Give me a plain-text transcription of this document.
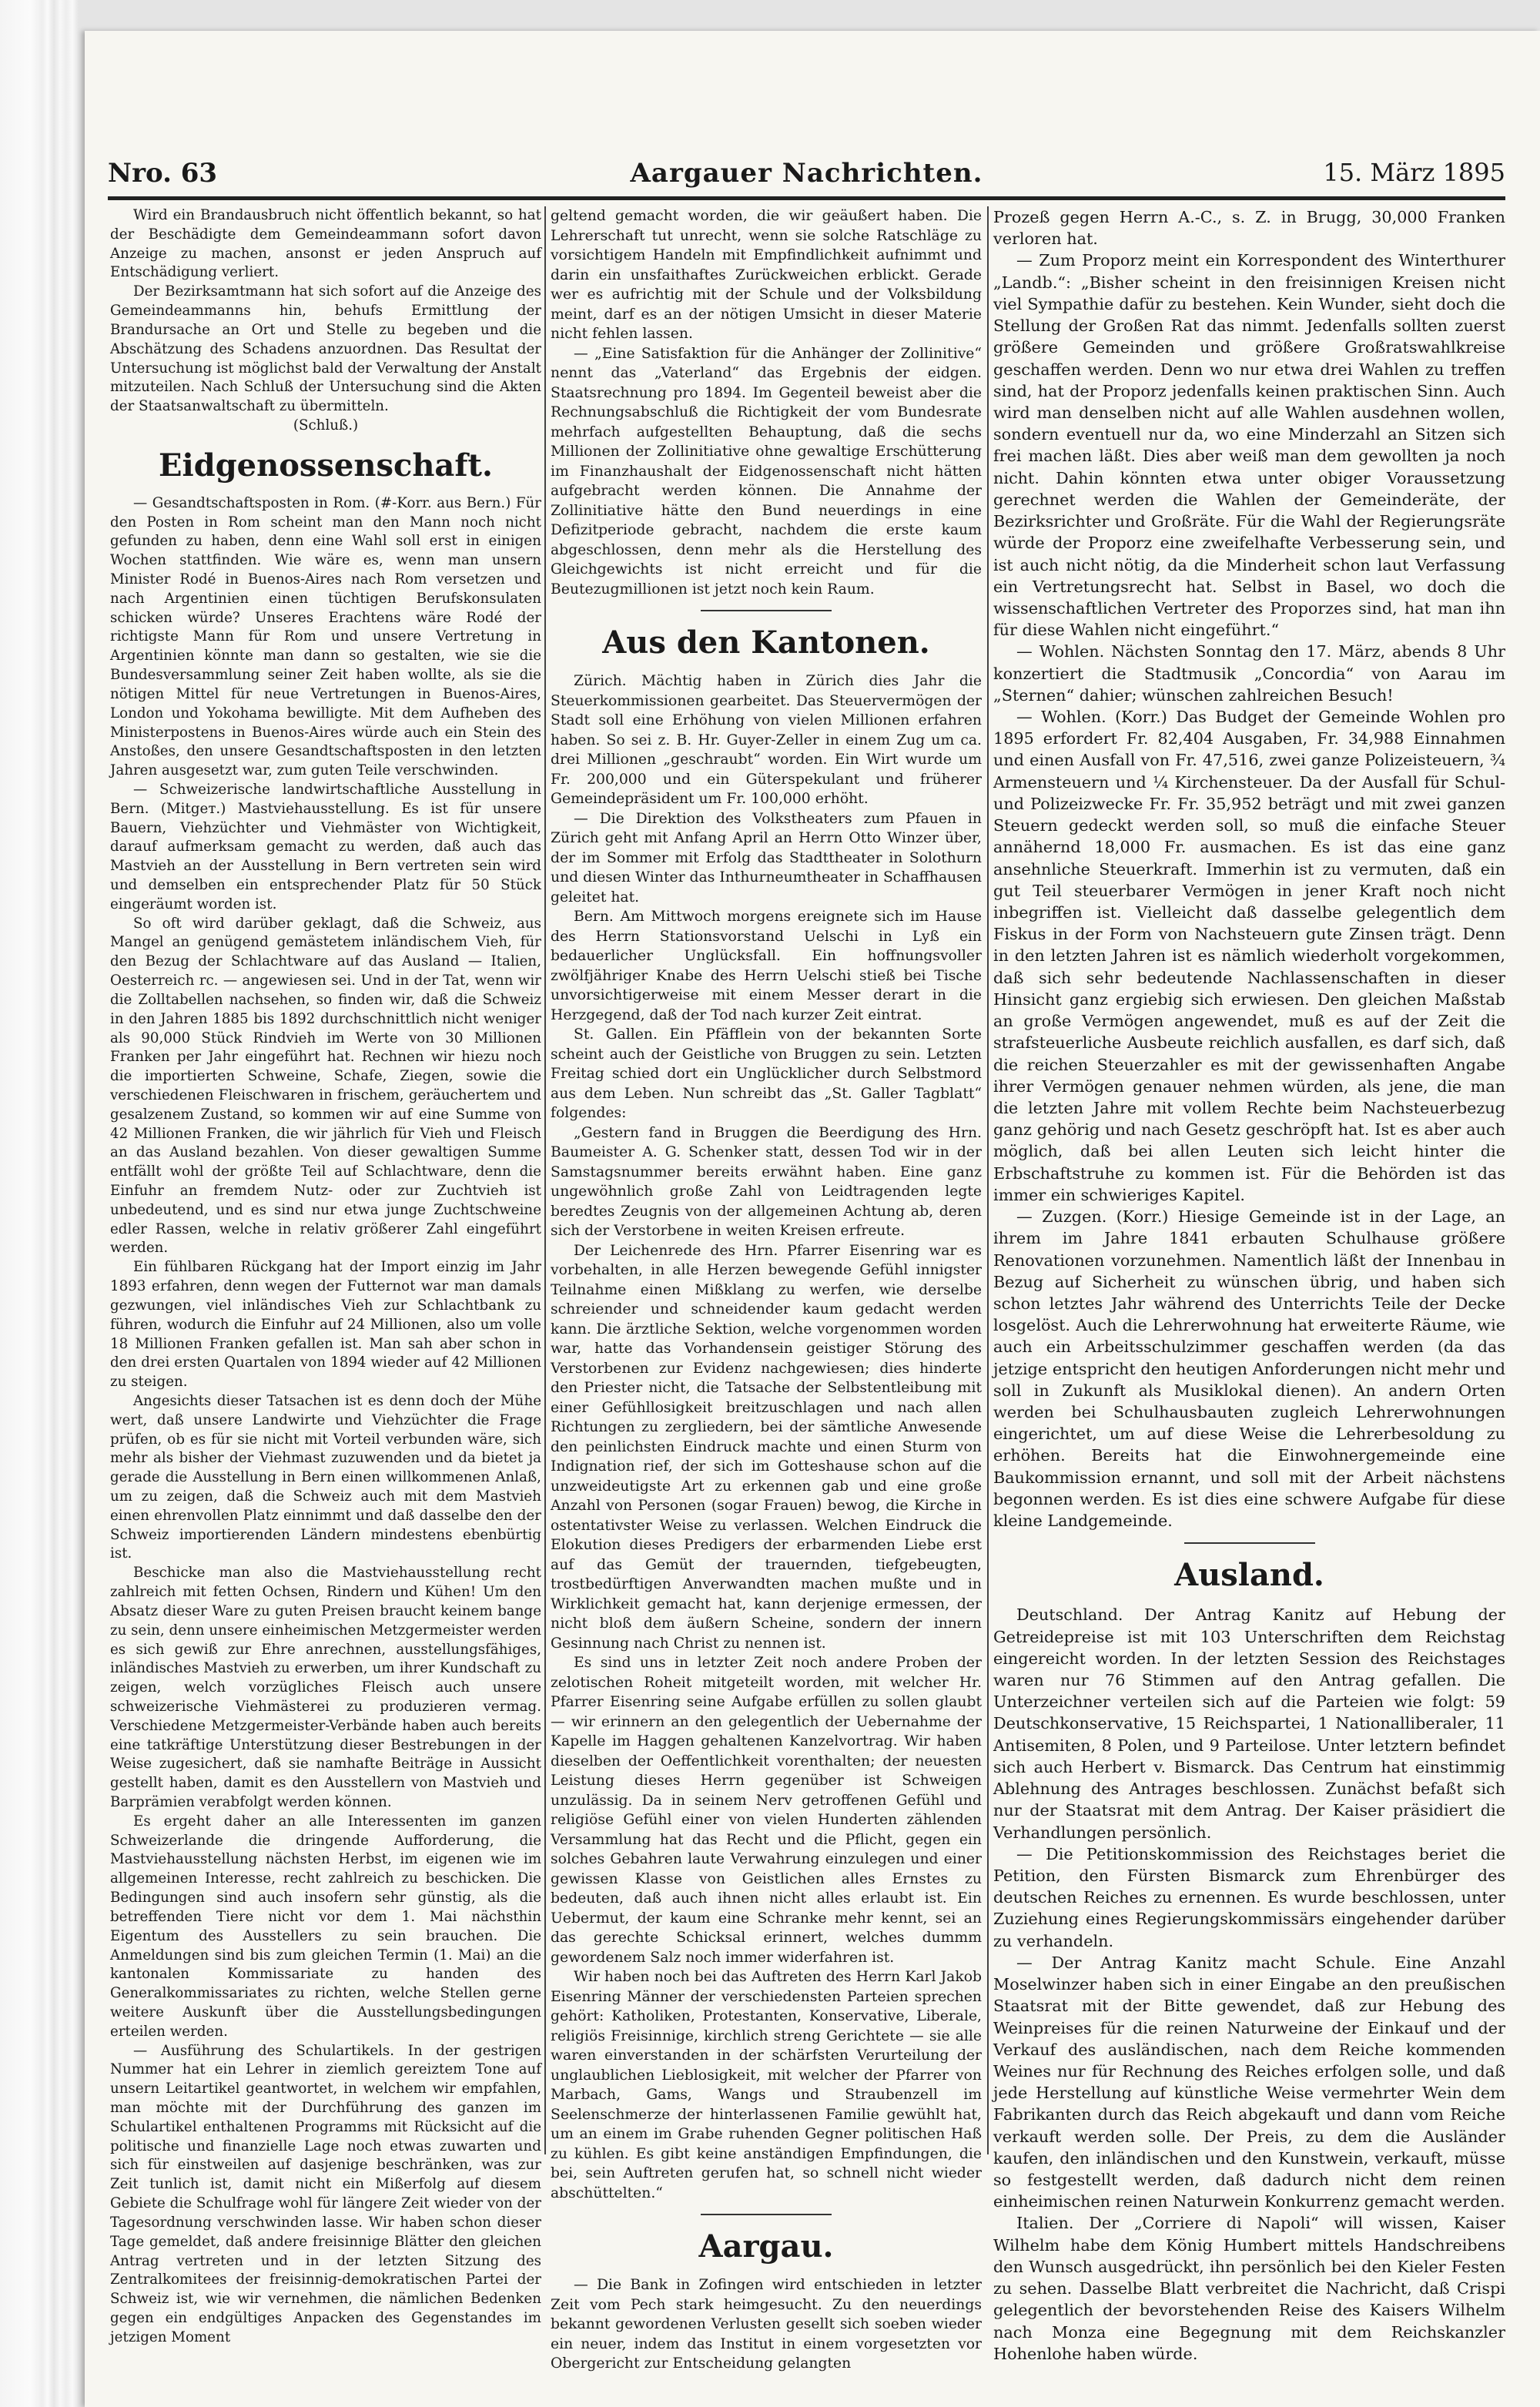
Nro. 63	Aargauer Nachrichten.	15. März 1895

Wird ein Brandausbruch nicht öffentlich bekannt, so hat der Beschädigte dem Gemeindeammann sofort davon Anzeige zu machen, ansonst er jeden Anspruch auf Entschädigung verliert.

Der Bezirksamtmann hat sich sofort auf die Anzeige des Gemeindeammanns hin, behufs Ermittlung der Brandursache an Ort und Stelle zu begeben und die Abschätzung des Schadens anzuordnen. Das Resultat der Untersuchung ist möglichst bald der Verwaltung der Anstalt mitzuteilen. Nach Schluß der Untersuchung sind die Akten der Staatsanwaltschaft zu übermitteln.

(Schluß.)

Eidgenossenschaft.

— Gesandtschaftsposten in Rom. (#-Korr. aus Bern.) Für den Posten in Rom scheint man den Mann noch nicht gefunden zu haben, denn eine Wahl soll erst in einigen Wochen stattfinden. Wie wäre es, wenn man unsern Minister Rodé in Buenos-Aires nach Rom versetzen und nach Argentinien einen tüchtigen Berufskonsulaten schicken würde? Unseres Erachtens wäre Rodé der richtigste Mann für Rom und unsere Vertretung in Argentinien könnte man dann so gestalten, wie sie die Bundesversammlung seiner Zeit haben wollte, als sie die nötigen Mittel für neue Vertretungen in Buenos-Aires, London und Yokohama bewilligte. Mit dem Aufheben des Ministerpostens in Buenos-Aires würde auch ein Stein des Anstoßes, den unsere Gesandtschaftsposten in den letzten Jahren ausgesetzt war, zum guten Teile verschwinden.

— Schweizerische landwirtschaftliche Ausstellung in Bern. (Mitgeт.) Mastviehausstellung. Es ist für unsere Bauern, Viehzüchter und Viehmäster von Wichtigkeit, darauf aufmerksam gemacht zu werden, daß auch das Mastvieh an der Ausstellung in Bern vertreten sein wird und demselben ein entsprechender Platz für 50 Stück eingeräumt worden ist.

So oft wird darüber geklagt, daß die Schweiz, aus Mangel an genügend gemästetem inländischem Vieh, für den Bezug der Schlachtware auf das Ausland — Italien, Oesterreich rc. — angewiesen sei. Und in der Tat, wenn wir die Zolltabellen nachsehen, so finden wir, daß die Schweiz in den Jahren 1885 bis 1892 durchschnittlich nicht weniger als 90,000 Stück Rindvieh im Werte von 30 Millionen Franken per Jahr eingeführt hat. Rechnen wir hiezu noch die importierten Schweine, Schafe, Ziegen, sowie die verschiedenen Fleischwaren in frischem, geräuchertem und gesalzenem Zustand, so kommen wir auf eine Summe von 42 Millionen Franken, die wir jährlich für Vieh und Fleisch an das Ausland bezahlen. Von dieser gewaltigen Summe entfällt wohl der größte Teil auf Schlachtware, denn die Einfuhr an fremdem Nutz- oder zur Zuchtvieh ist unbedeutend, und es sind nur etwa junge Zuchtschweine edler Rassen, welche in relativ größerer Zahl eingeführt werden.

Ein fühlbaren Rückgang hat der Import einzig im Jahr 1893 erfahren, denn wegen der Futternot war man damals gezwungen, viel inländisches Vieh zur Schlachtbank zu führen, wodurch die Einfuhr auf 24 Millionen, also um volle 18 Millionen Franken gefallen ist. Man sah aber schon in den drei ersten Quartalen von 1894 wieder auf 42 Millionen zu steigen.

Angesichts dieser Tatsachen ist es denn doch der Mühe wert, daß unsere Landwirte und Viehzüchter die Frage prüfen, ob es für sie nicht mit Vorteil verbunden wäre, sich mehr als bisher der Viehmast zuzuwenden und da bietet ja gerade die Ausstellung in Bern einen willkommenen Anlaß, um zu zeigen, daß die Schweiz auch mit dem Mastvieh einen ehrenvollen Platz einnimmt und daß dasselbe den der Schweiz importierenden Ländern mindestens ebenbürtig ist.

Beschicke man also die Mastviehausstellung recht zahlreich mit fetten Ochsen, Rindern und Kühen! Um den Absatz dieser Ware zu guten Preisen braucht keinem bange zu sein, denn unsere einheimischen Metzgermeister werden es sich gewiß zur Ehre anrechnen, ausstellungsfähiges, inländisches Mastvieh zu erwerben, um ihrer Kundschaft zu zeigen, welch vorzügliches Fleisch auch unsere schweizerische Viehmästerei zu produzieren vermag. Verschiedene Metzgermeister-Verbände haben auch bereits eine tatkräftige Unterstützung dieser Bestrebungen in der Weise zugesichert, daß sie namhafte Beiträge in Aussicht gestellt haben, damit es den Ausstellern von Mastvieh und Barprämien verabfolgt werden können.

Es ergeht daher an alle Interessenten im ganzen Schweizerlande die dringende Aufforderung, die Mastviehausstellung nächsten Herbst, im eigenen wie im allgemeinen Interesse, recht zahlreich zu beschicken. Die Bedingungen sind auch insofern sehr günstig, als die betreffenden Tiere nicht vor dem 1. Mai nächsthin Eigentum des Ausstellers zu sein brauchen. Die Anmeldungen sind bis zum gleichen Termin (1. Mai) an die kantonalen Kommissariate zu handen des Generalkommissariates zu richten, welche Stellen gerne weitere Auskunft über die Ausstellungsbedingungen erteilen werden.

— Ausführung des Schulartikels. In der gestrigen Nummer hat ein Lehrer in ziemlich gereiztem Tone auf unsern Leitartikel geantwortet, in welchem wir empfahlen, man möchte mit der Durchführung des ganzen im Schulartikel enthaltenen Programms mit Rücksicht auf die politische und finanzielle Lage noch etwas zuwarten und sich für einstweilen auf dasjenige beschränken, was zur Zeit tunlich ist, damit nicht ein Mißerfolg auf diesem Gebiete die Schulfrage wohl für längere Zeit wieder von der Tagesordnung verschwinden lasse. Wir haben schon dieser Tage gemeldet, daß andere freisinnige Blätter den gleichen Antrag vertreten und in der letzten Sitzung des Zentralkomitees der freisinnig-demokratischen Partei der Schweiz ist, wie wir vernehmen, die nämlichen Bedenken gegen ein endgültiges Anpacken des Gegenstandes im jetzigen Moment

geltend gemacht worden, die wir geäußert haben. Die Lehrerschaft tut unrecht, wenn sie solche Ratschläge zu vorsichtigem Handeln mit Empfindlichkeit aufnimmt und darin ein unsfaithaftes Zurückweichen erblickt. Gerade wer es aufrichtig mit der Schule und der Volksbildung meint, darf es an der nötigen Umsicht in dieser Materie nicht fehlen lassen.

— „Eine Satisfaktion für die Anhänger der Zollinitive“ nennt das „Vaterland“ das Ergebnis der eidgen. Staatsrechnung pro 1894. Im Gegenteil beweist aber die Rechnungsabschluß die Richtigkeit der vom Bundesrate mehrfach aufgestellten Behauptung, daß die sechs Millionen der Zollinitiative ohne gewaltige Erschütterung im Finanzhaushalt der Eidgenossenschaft nicht hätten aufgebracht werden können. Die Annahme der Zollinitiative hätte den Bund neuerdings in eine Defizitperiode gebracht, nachdem die erste kaum abgeschlossen, denn mehr als die Herstellung des Gleichgewichts ist nicht erreicht und für die Beutezugmillionen ist jetzt noch kein Raum.

Aus den Kantonen.

Zürich. Mächtig haben in Zürich dies Jahr die Steuerkommissionen gearbeitet. Das Steuervermögen der Stadt soll eine Erhöhung von vielen Millionen erfahren haben. So sei z. B. Hr. Guyer-Zeller in einem Zug um ca. drei Millionen „geschraubt“ worden. Ein Wirt wurde um Fr. 200,000 und ein Güterspekulant und früherer Gemeindepräsident um Fr. 100,000 erhöht.

— Die Direktion des Volkstheaters zum Pfauen in Zürich geht mit Anfang April an Herrn Otto Winzer über, der im Sommer mit Erfolg das Stadttheater in Solothurn und diesen Winter das Inthurneumtheater in Schaffhausen geleitet hat.

Bern. Am Mittwoch morgens ereignete sich im Hause des Herrn Stationsvorstand Uelschi in Lyß ein bedauerlicher Unglücksfall. Ein hoffnungsvoller zwölfjähriger Knabe des Herrn Uelschi stieß bei Tische unvorsichtigerweise mit einem Messer derart in die Herzgegend, daß der Tod nach kurzer Zeit eintrat.

St. Gallen. Ein Pfäfflein von der bekannten Sorte scheint auch der Geistliche von Bruggen zu sein. Letzten Freitag schied dort ein Unglücklicher durch Selbstmord aus dem Leben. Nun schreibt das „St. Galler Tagblatt“ folgendes:

„Gestern fand in Bruggen die Beerdigung des Hrn. Baumeister A. G. Schenker statt, dessen Tod wir in der Samstagsnummer bereits erwähnt haben. Eine ganz ungewöhnlich große Zahl von Leidtragenden legte beredtes Zeugnis von der allgemeinen Achtung ab, deren sich der Verstorbene in weiten Kreisen erfreute.

Der Leichenrede des Hrn. Pfarrer Eisenring war es vorbehalten, in alle Herzen bewegende Gefühl innigster Teilnahme einen Mißklang zu werfen, wie derselbe schreiender und schneidender kaum gedacht werden kann. Die ärztliche Sektion, welche vorgenommen worden war, hatte das Vorhandensein geistiger Störung des Verstorbenen zur Evidenz nachgewiesen; dies hinderte den Priester nicht, die Tatsache der Selbstentleibung mit einer Gefühllosigkeit breitzuschlagen und nach allen Richtungen zu zergliedern, bei der sämtliche Anwesende den peinlichsten Eindruck machte und einen Sturm von Indignation rief, der sich im Gotteshause schon auf die unzweideutigste Art zu erkennen gab und eine große Anzahl von Personen (sogar Frauen) bewog, die Kirche in ostentativster Weise zu verlassen. Welchen Eindruck die Elokution dieses Predigers der erbarmenden Liebe erst auf das Gemüt der trauernden, tiefgebeugten, trostbedürftigen Anverwandten machen mußte und in Wirklichkeit gemacht hat, kann derjenige ermessen, der nicht bloß dem äußern Scheine, sondern der innern Gesinnung nach Christ zu nennen ist.

Es sind uns in letzter Zeit noch andere Proben der zelotischen Roheit mitgeteilt worden, mit welcher Hr. Pfarrer Eisenring seine Aufgabe erfüllen zu sollen glaubt — wir erinnern an den gelegentlich der Uebernahme der Kapelle im Haggen gehaltenen Kanzelvortrag. Wir haben dieselben der Oeffentlichkeit vorenthalten; der neuesten Leistung dieses Herrn gegenüber ist Schweigen unzulässig. Da in seinem Nerv getroffenen Gefühl und religiöse Gefühl einer von vielen Hunderten zählenden Versammlung hat das Recht und die Pflicht, gegen ein solches Gebahren laute Verwahrung einzulegen und einer gewissen Klasse von Geistlichen alles Ernstes zu bedeuten, daß auch ihnen nicht alles erlaubt ist. Ein Uebermut, der kaum eine Schranke mehr kennt, sei an das gerechte Schicksal erinnert, welches dummm gewordenem Salz noch immer widerfahren ist.

Wir haben noch bei das Auftreten des Herrn Karl Jakob Eisenring Männer der verschiedensten Parteien sprechen gehört: Katholiken, Protestanten, Konservative, Liberale, religiös Freisinnige, kirchlich streng Gerichtete — sie alle waren einverstanden in der schärfsten Verurteilung der unglaublichen Lieblosigkeit, mit welcher der Pfarrer von Marbach, Gams, Wangs und Straubenzell im Seelenschmerze der hinterlassenen Familie gewühlt hat, um an einem im Grabe ruhenden Gegner politischen Haß zu kühlen. Es gibt keine anständigen Empfindungen, die bei, sein Auftreten gerufen hat, so schnell nicht wieder abschüttelten.“

Aargau.

— Die Bank in Zofingen wird entschieden in letzter Zeit vom Pech stark heimgesucht. Zu den neuerdings bekannt gewordenen Verlusten gesellt sich soeben wieder ein neuer, indem das Institut in einem vorgesetzten vor Obergericht zur Entscheidung gelangten

Prozeß gegen Herrn A.-C., s. Z. in Brugg, 30,000 Franken verloren hat.

— Zum Proporz meint ein Korrespondent des Winterthurer „Landb.“: „Bisher scheint in den freisinnigen Kreisen nicht viel Sympathie dafür zu bestehen. Kein Wunder, sieht doch die Stellung der Großen Rat das nimmt. Jedenfalls sollten zuerst größere Gemeinden und größere Großratswahlkreise geschaffen werden. Denn wo nur etwa drei Wahlen zu treffen sind, hat der Proporz jedenfalls keinen praktischen Sinn. Auch wird man denselben nicht auf alle Wahlen ausdehnen wollen, sondern eventuell nur da, wo eine Minderzahl an Sitzen sich frei machen läßt. Dies aber weiß man dem gewollten ja noch nicht. Dahin könnten etwa unter obiger Voraussetzung gerechnet werden die Wahlen der Gemeinderäte, der Bezirksrichter und Großräte. Für die Wahl der Regierungsräte würde der Proporz eine zweifelhafte Verbesserung sein, und ist auch nicht nötig, da die Minderheit schon laut Verfassung ein Vertretungsrecht hat. Selbst in Basel, wo doch die wissenschaftlichen Vertreter des Proporzes sind, hat man ihn für diese Wahlen nicht eingeführt.“

— Wohlen. Nächsten Sonntag den 17. März, abends 8 Uhr konzertiert die Stadtmusik „Concordia“ von Aarau im „Sternen“ dahier; wünschen zahlreichen Besuch!

— Wohlen. (Korr.) Das Budget der Gemeinde Wohlen pro 1895 erfordert Fr. 82,404 Ausgaben, Fr. 34,988 Einnahmen und einen Ausfall von Fr. 47,516, zwei ganze Polizeisteuern, ¾ Armensteuern und ¼ Kirchensteuer. Da der Ausfall für Schul- und Polizeizwecke Fr. Fr. 35,952 beträgt und mit zwei ganzen Steuern gedeckt werden soll, so muß die einfache Steuer annähernd 18,000 Fr. ausmachen. Es ist das eine ganz ansehnliche Steuerkraft. Immerhin ist zu vermuten, daß ein gut Teil steuerbarer Vermögen in jener Kraft noch nicht inbegriffen ist. Vielleicht daß dasselbe gelegentlich dem Fiskus in der Form von Nachsteuern gute Zinsen trägt. Denn in den letzten Jahren ist es nämlich wiederholt vorgekommen, daß sich sehr bedeutende Nachlassenschaften in dieser Hinsicht ganz ergiebig sich erwiesen. Den gleichen Maßstab an große Vermögen angewendet, muß es auf der Zeit die strafsteuerliche Ausbeute reichlich ausfallen, es darf sich, daß die reichen Steuerzahler es mit der gewissenhaften Angabe ihrer Vermögen genauer nehmen würden, als jene, die man die letzten Jahre mit vollem Rechte beim Nachsteuerbezug ganz gehörig und nach Gesetz geschröpft hat. Ist es aber auch möglich, daß bei allen Leuten sich leicht hinter die Erbschaftstruhe zu kommen ist. Für die Behörden ist das immer ein schwieriges Kapitel.

— Zuzgen. (Korr.) Hiesige Gemeinde ist in der Lage, an ihrem im Jahre 1841 erbauten Schulhause größere Renovationen vorzunehmen. Namentlich läßt der Innenbau in Bezug auf Sicherheit zu wünschen übrig, und haben sich schon letztes Jahr während des Unterrichts Teile der Decke losgelöst. Auch die Lehrerwohnung hat erweiterte Räume, wie auch ein Arbeitsschulzimmer geschaffen werden (da das jetzige entspricht den heutigen Anforderungen nicht mehr und soll in Zukunft als Musiklokal dienen). An andern Orten werden bei Schulhausbauten zugleich Lehrerwohnungen eingerichtet, um auf diese Weise die Lehrerbesoldung zu erhöhen. Bereits hat die Einwohnergemeinde eine Baukommission ernannt, und soll mit der Arbeit nächstens begonnen werden. Es ist dies eine schwere Aufgabe für diese kleine Landgemeinde.

Ausland.

Deutschland. Der Antrag Kanitz auf Hebung der Getreidepreise ist mit 103 Unterschriften dem Reichstag eingereicht worden. In der letzten Session des Reichstages waren nur 76 Stimmen auf den Antrag gefallen. Die Unterzeichner verteilen sich auf die Parteien wie folgt: 59 Deutschkonservative, 15 Reichspartei, 1 Nationalliberaler, 11 Antisemiten, 8 Polen, und 9 Parteilose. Unter letztern befindet sich auch Herbert v. Bismarck. Das Centrum hat einstimmig Ablehnung des Antrages beschlossen. Zunächst befaßt sich nur der Staatsrat mit dem Antrag. Der Kaiser präsidiert die Verhandlungen persönlich.

— Die Petitionskommission des Reichstages beriet die Petition, den Fürsten Bismarck zum Ehrenbürger des deutschen Reiches zu ernennen. Es wurde beschlossen, unter Zuziehung eines Regierungskommissärs eingehender darüber zu verhandeln.

— Der Antrag Kanitz macht Schule. Eine Anzahl Moselwinzer haben sich in einer Eingabe an den preußischen Staatsrat mit der Bitte gewendet, daß zur Hebung des Weinpreises für die reinen Naturweine der Einkauf und der Verkauf des ausländischen, nach dem Reiche kommenden Weines nur für Rechnung des Reiches erfolgen solle, und daß jede Herstellung auf künstliche Weise vermehrter Wein dem Fabrikanten durch das Reich abgekauft und dann vom Reiche verkauft werden solle. Der Preis, zu dem die Ausländer kaufen, den inländischen und den Kunstwein, verkauft, müsse so festgestellt werden, daß dadurch nicht dem reinen einheimischen reinen Naturwein Konkurrenz gemacht werden.

Italien. Der „Corriere di Napoli“ will wissen, Kaiser Wilhelm habe dem König Humbert mittels Handschreibens den Wunsch ausgedrückt, ihn persönlich bei den Kieler Festen zu sehen. Dasselbe Blatt verbreitet die Nachricht, daß Crispi gelegentlich der bevorstehenden Reise des Kaisers Wilhelm nach Monza eine Begegnung mit dem Reichskanzler Hohenlohe haben würde.
